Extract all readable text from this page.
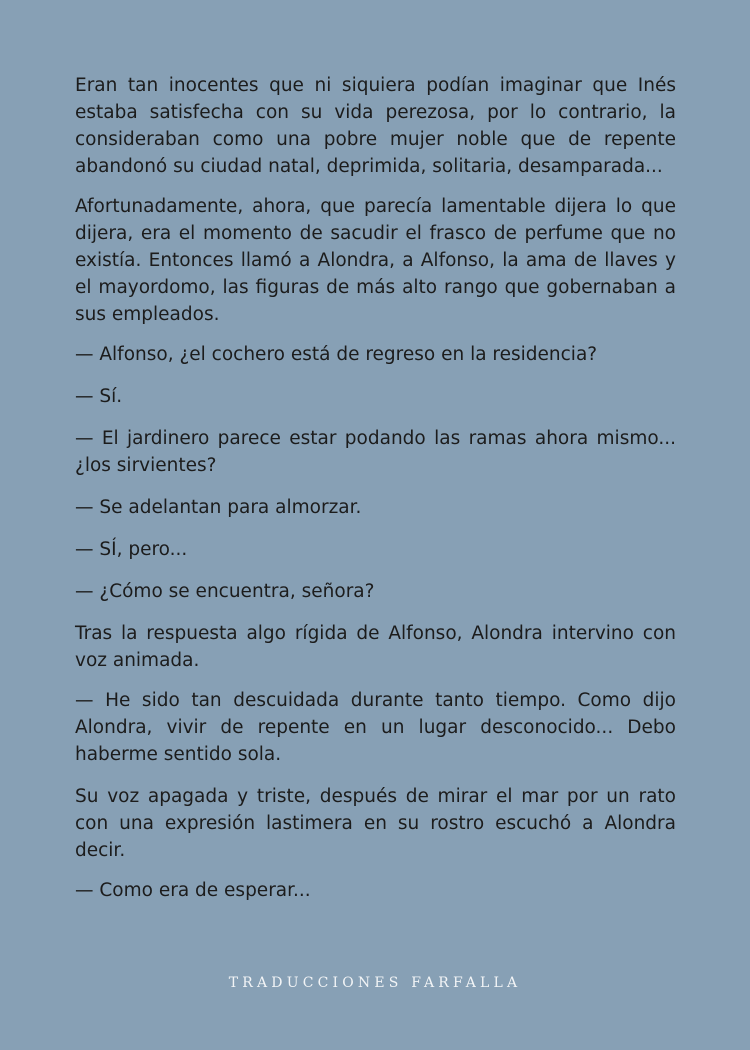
Eran tan inocentes que ni siquiera podían imaginar que Inés estaba satisfecha con su vida perezosa, por lo contrario, la consideraban como una pobre mujer noble que de repente abandonó su ciudad natal, deprimida, solitaria, desamparada...

Afortunadamente, ahora, que parecía lamentable dijera lo que dijera, era el momento de sacudir el frasco de perfume que no existía. Entonces llamó a Alondra, a Alfonso, la ama de llaves y el mayordomo, las figuras de más alto rango que gobernaban a sus empleados.

— Alfonso, ¿el cochero está de regreso en la residencia?

— Sí.

— El jardinero parece estar podando las ramas ahora mismo... ¿los sirvientes?

— Se adelantan para almorzar.

— SÍ, pero...

— ¿Cómo se encuentra, señora?

Tras la respuesta algo rígida de Alfonso, Alondra intervino con voz animada.

— He sido tan descuidada durante tanto tiempo. Como dijo Alondra, vivir de repente en un lugar desconocido... Debo haberme sentido sola.

Su voz apagada y triste, después de mirar el mar por un rato con una expresión lastimera en su rostro escuchó a Alondra decir.

— Como era de esperar...

TRADUCCIONES FARFALLA
